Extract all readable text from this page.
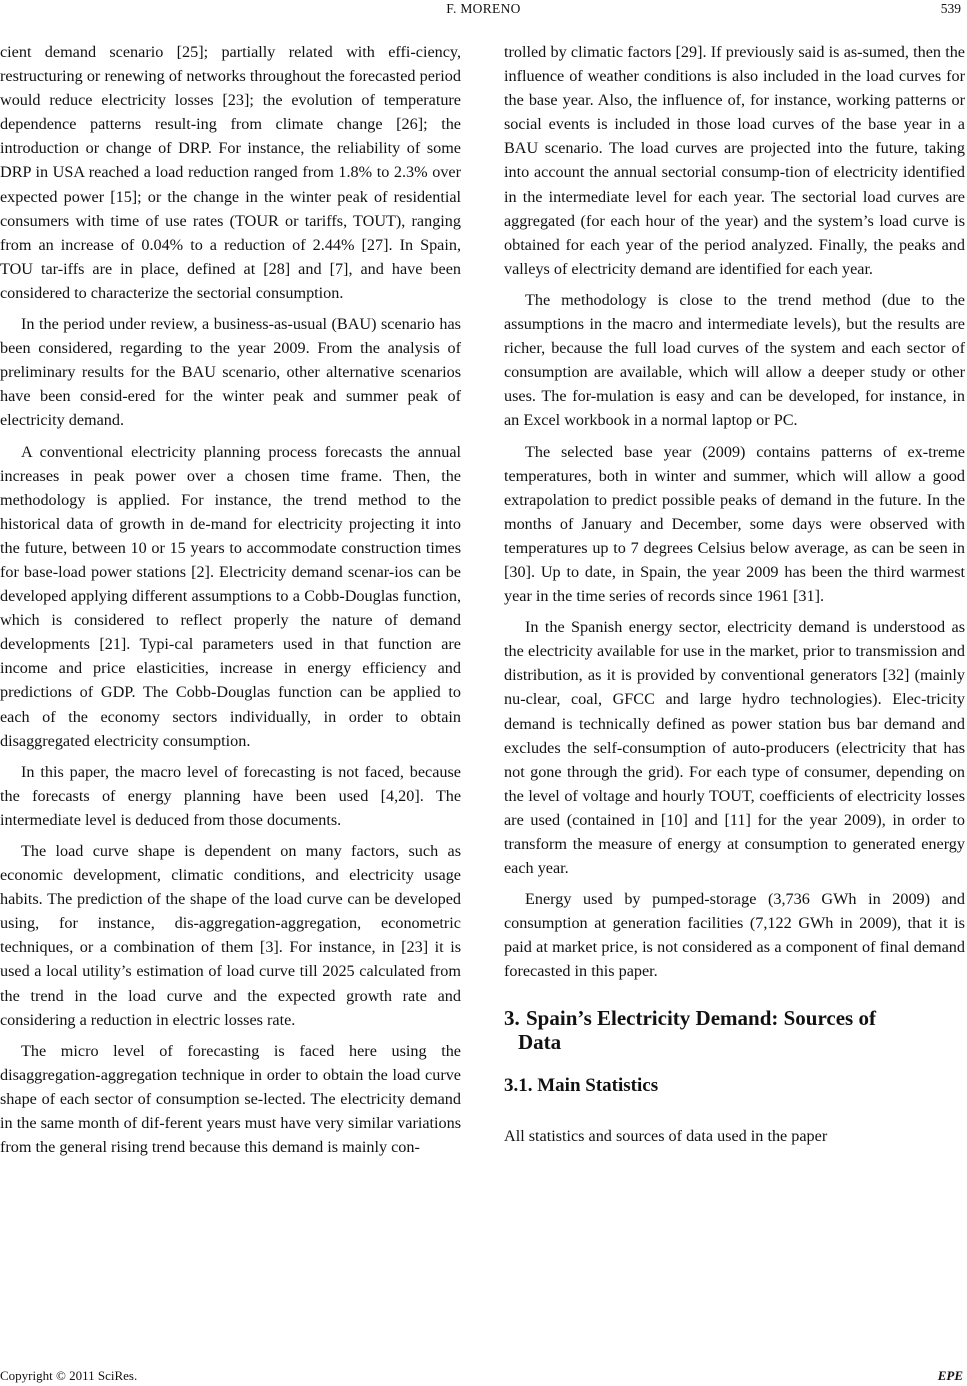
F. MORENO	539

cient demand scenario [25]; partially related with effi-ciency, restructuring or renewing of networks throughout the forecasted period would reduce electricity losses [23]; the evolution of temperature dependence patterns result-ing from climate change [26]; the introduction or change of DRP. For instance, the reliability of some DRP in USA reached a load reduction ranged from 1.8% to 2.3% over expected power [15]; or the change in the winter peak of residential consumers with time of use rates (TOUR or tariffs, TOUT), ranging from an increase of 0.04% to a reduction of 2.44% [27]. In Spain, TOU tar-iffs are in place, defined at [28] and [7], and have been considered to characterize the sectorial consumption.

In the period under review, a business-as-usual (BAU) scenario has been considered, regarding to the year 2009. From the analysis of preliminary results for the BAU scenario, other alternative scenarios have been consid-ered for the winter peak and summer peak of electricity demand.

A conventional electricity planning process forecasts the annual increases in peak power over a chosen time frame. Then, the methodology is applied. For instance, the trend method to the historical data of growth in de-mand for electricity projecting it into the future, between 10 or 15 years to accommodate construction times for base-load power stations [2]. Electricity demand scenar-ios can be developed applying different assumptions to a Cobb-Douglas function, which is considered to reflect properly the nature of demand developments [21]. Typi-cal parameters used in that function are income and price elasticities, increase in energy efficiency and predictions of GDP. The Cobb-Douglas function can be applied to each of the economy sectors individually, in order to obtain disaggregated electricity consumption.

In this paper, the macro level of forecasting is not faced, because the forecasts of energy planning have been used [4,20]. The intermediate level is deduced from those documents.

The load curve shape is dependent on many factors, such as economic development, climatic conditions, and electricity usage habits. The prediction of the shape of the load curve can be developed using, for instance, dis-aggregation-aggregation, econometric techniques, or a combination of them [3]. For instance, in [23] it is used a local utility’s estimation of load curve till 2025 calculated from the trend in the load curve and the expected growth rate and considering a reduction in electric losses rate.

The micro level of forecasting is faced here using the disaggregation-aggregation technique in order to obtain the load curve shape of each sector of consumption se-lected. The electricity demand in the same month of dif-ferent years must have very similar variations from the general rising trend because this demand is mainly con-

trolled by climatic factors [29]. If previously said is as-sumed, then the influence of weather conditions is also included in the load curves for the base year. Also, the influence of, for instance, working patterns or social events is included in those load curves of the base year in a BAU scenario. The load curves are projected into the future, taking into account the annual sectorial consump-tion of electricity identified in the intermediate level for each year. The sectorial load curves are aggregated (for each hour of the year) and the system’s load curve is obtained for each year of the period analyzed. Finally, the peaks and valleys of electricity demand are identified for each year.

The methodology is close to the trend method (due to the assumptions in the macro and intermediate levels), but the results are richer, because the full load curves of the system and each sector of consumption are available, which will allow a deeper study or other uses. The for-mulation is easy and can be developed, for instance, in an Excel workbook in a normal laptop or PC.

The selected base year (2009) contains patterns of ex-treme temperatures, both in winter and summer, which will allow a good extrapolation to predict possible peaks of demand in the future. In the months of January and December, some days were observed with temperatures up to 7 degrees Celsius below average, as can be seen in [30]. Up to date, in Spain, the year 2009 has been the third warmest year in the time series of records since 1961 [31].

In the Spanish energy sector, electricity demand is understood as the electricity available for use in the market, prior to transmission and distribution, as it is provided by conventional generators [32] (mainly nu-clear, coal, GFCC and large hydro technologies). Elec-tricity demand is technically defined as power station bus bar demand and excludes the self-consumption of auto-producers (electricity that has not gone through the grid). For each type of consumer, depending on the level of voltage and hourly TOUT, coefficients of electricity losses are used (contained in [10] and [11] for the year 2009), in order to transform the measure of energy at consumption to generated energy each year.

Energy used by pumped-storage (3,736 GWh in 2009) and consumption at generation facilities (7,122 GWh in 2009), that it is paid at market price, is not considered as a component of final demand forecasted in this paper.

3. Spain’s Electricity Demand: Sources of
Data
3.1. Main Statistics

All statistics and sources of data used in the paper

Copyright © 2011 SciRes.	EPE
